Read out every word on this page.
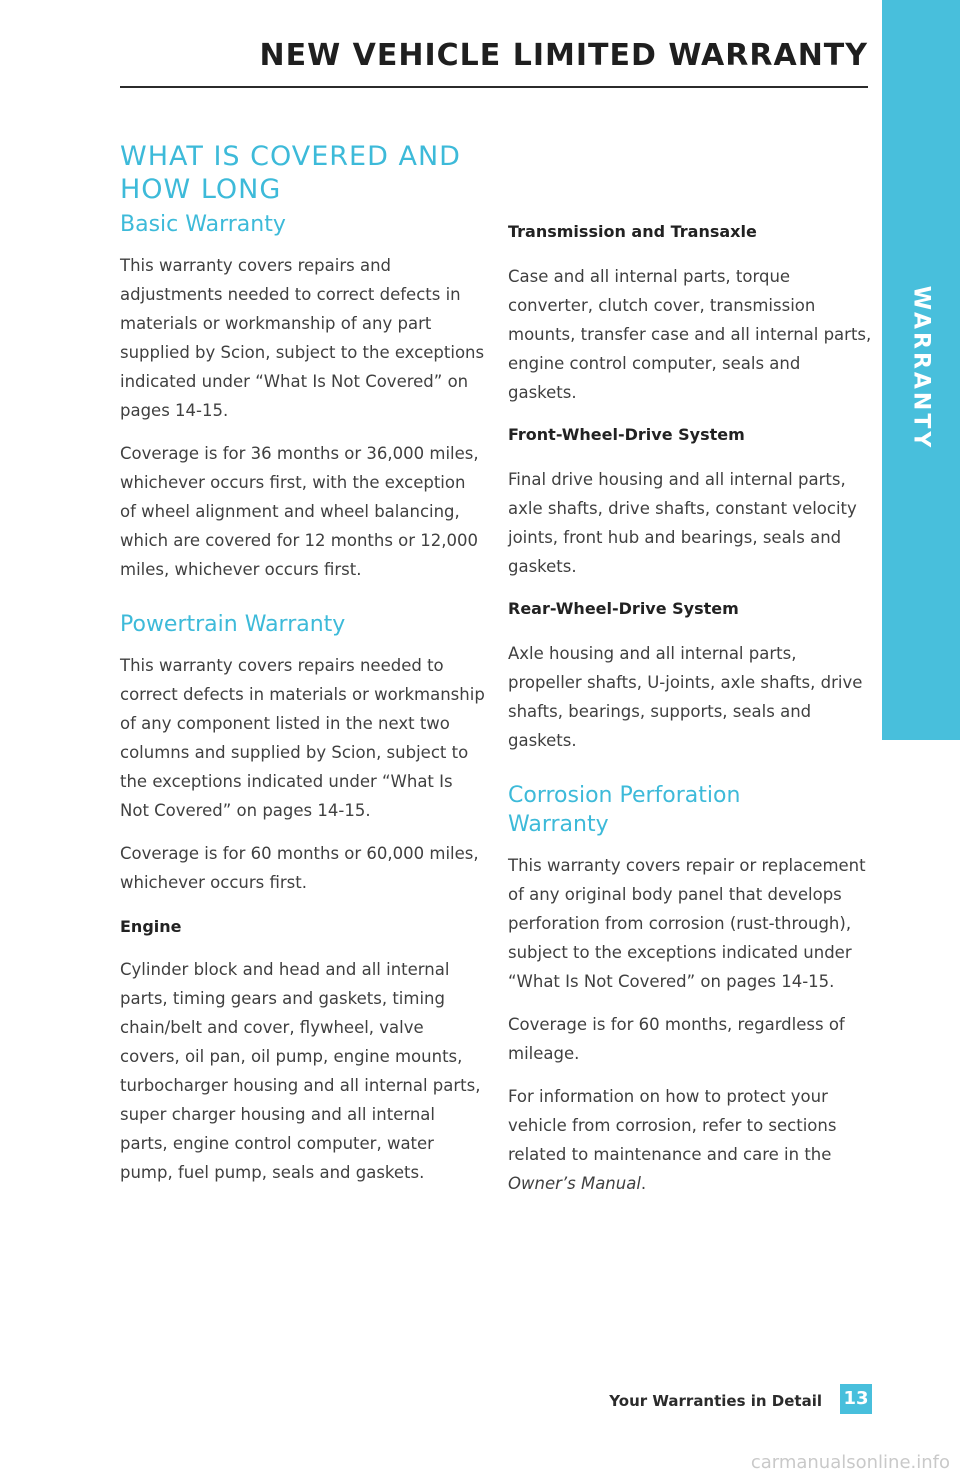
NEW VEHICLE LIMITED WARRANTY
WARRANTY
WHAT IS COVERED AND
HOW LONG
Basic Warranty

This warranty covers repairs and adjustments needed to correct defects in materials or workmanship of any part supplied by Scion, subject to the exceptions indicated under “What Is Not Covered” on pages 14-15.

Coverage is for 36 months or 36,000 miles, whichever occurs first, with the exception of wheel alignment and wheel balancing, which are covered for 12 months or 12,000 miles, whichever occurs first.

Powertrain Warranty

This warranty covers repairs needed to correct defects in materials or workmanship of any component listed in the next two columns and supplied by Scion, subject to the exceptions indicated under “What Is Not Covered” on pages 14-15.

Coverage is for 60 months or 60,000 miles, whichever occurs first.

Engine

Cylinder block and head and all internal parts, timing gears and gaskets, timing chain/belt and cover, flywheel, valve covers, oil pan, oil pump, engine mounts, turbocharger housing and all internal parts, super charger housing and all internal parts, engine control computer, water pump, fuel pump, seals and gaskets.

Transmission and Transaxle

Case and all internal parts, torque converter, clutch cover, transmission mounts, transfer case and all internal parts, engine control computer, seals and gaskets.

Front-Wheel-Drive System

Final drive housing and all internal parts, axle shafts, drive shafts, constant velocity joints, front hub and bearings, seals and gaskets.

Rear-Wheel-Drive System

Axle housing and all internal parts, propeller shafts, U-joints, axle shafts, drive shafts, bearings, supports, seals and gaskets.

Corrosion Perforation
Warranty

This warranty covers repair or replacement of any original body panel that develops perforation from corrosion (rust-through), subject to the exceptions indicated under “What Is Not Covered” on pages 14-15.

Coverage is for 60 months, regardless of mileage.

For information on how to protect your vehicle from corrosion, refer to sections related to maintenance and care in the Owner’s Manual.

Your Warranties in Detail 13
carmanualsonline.info
